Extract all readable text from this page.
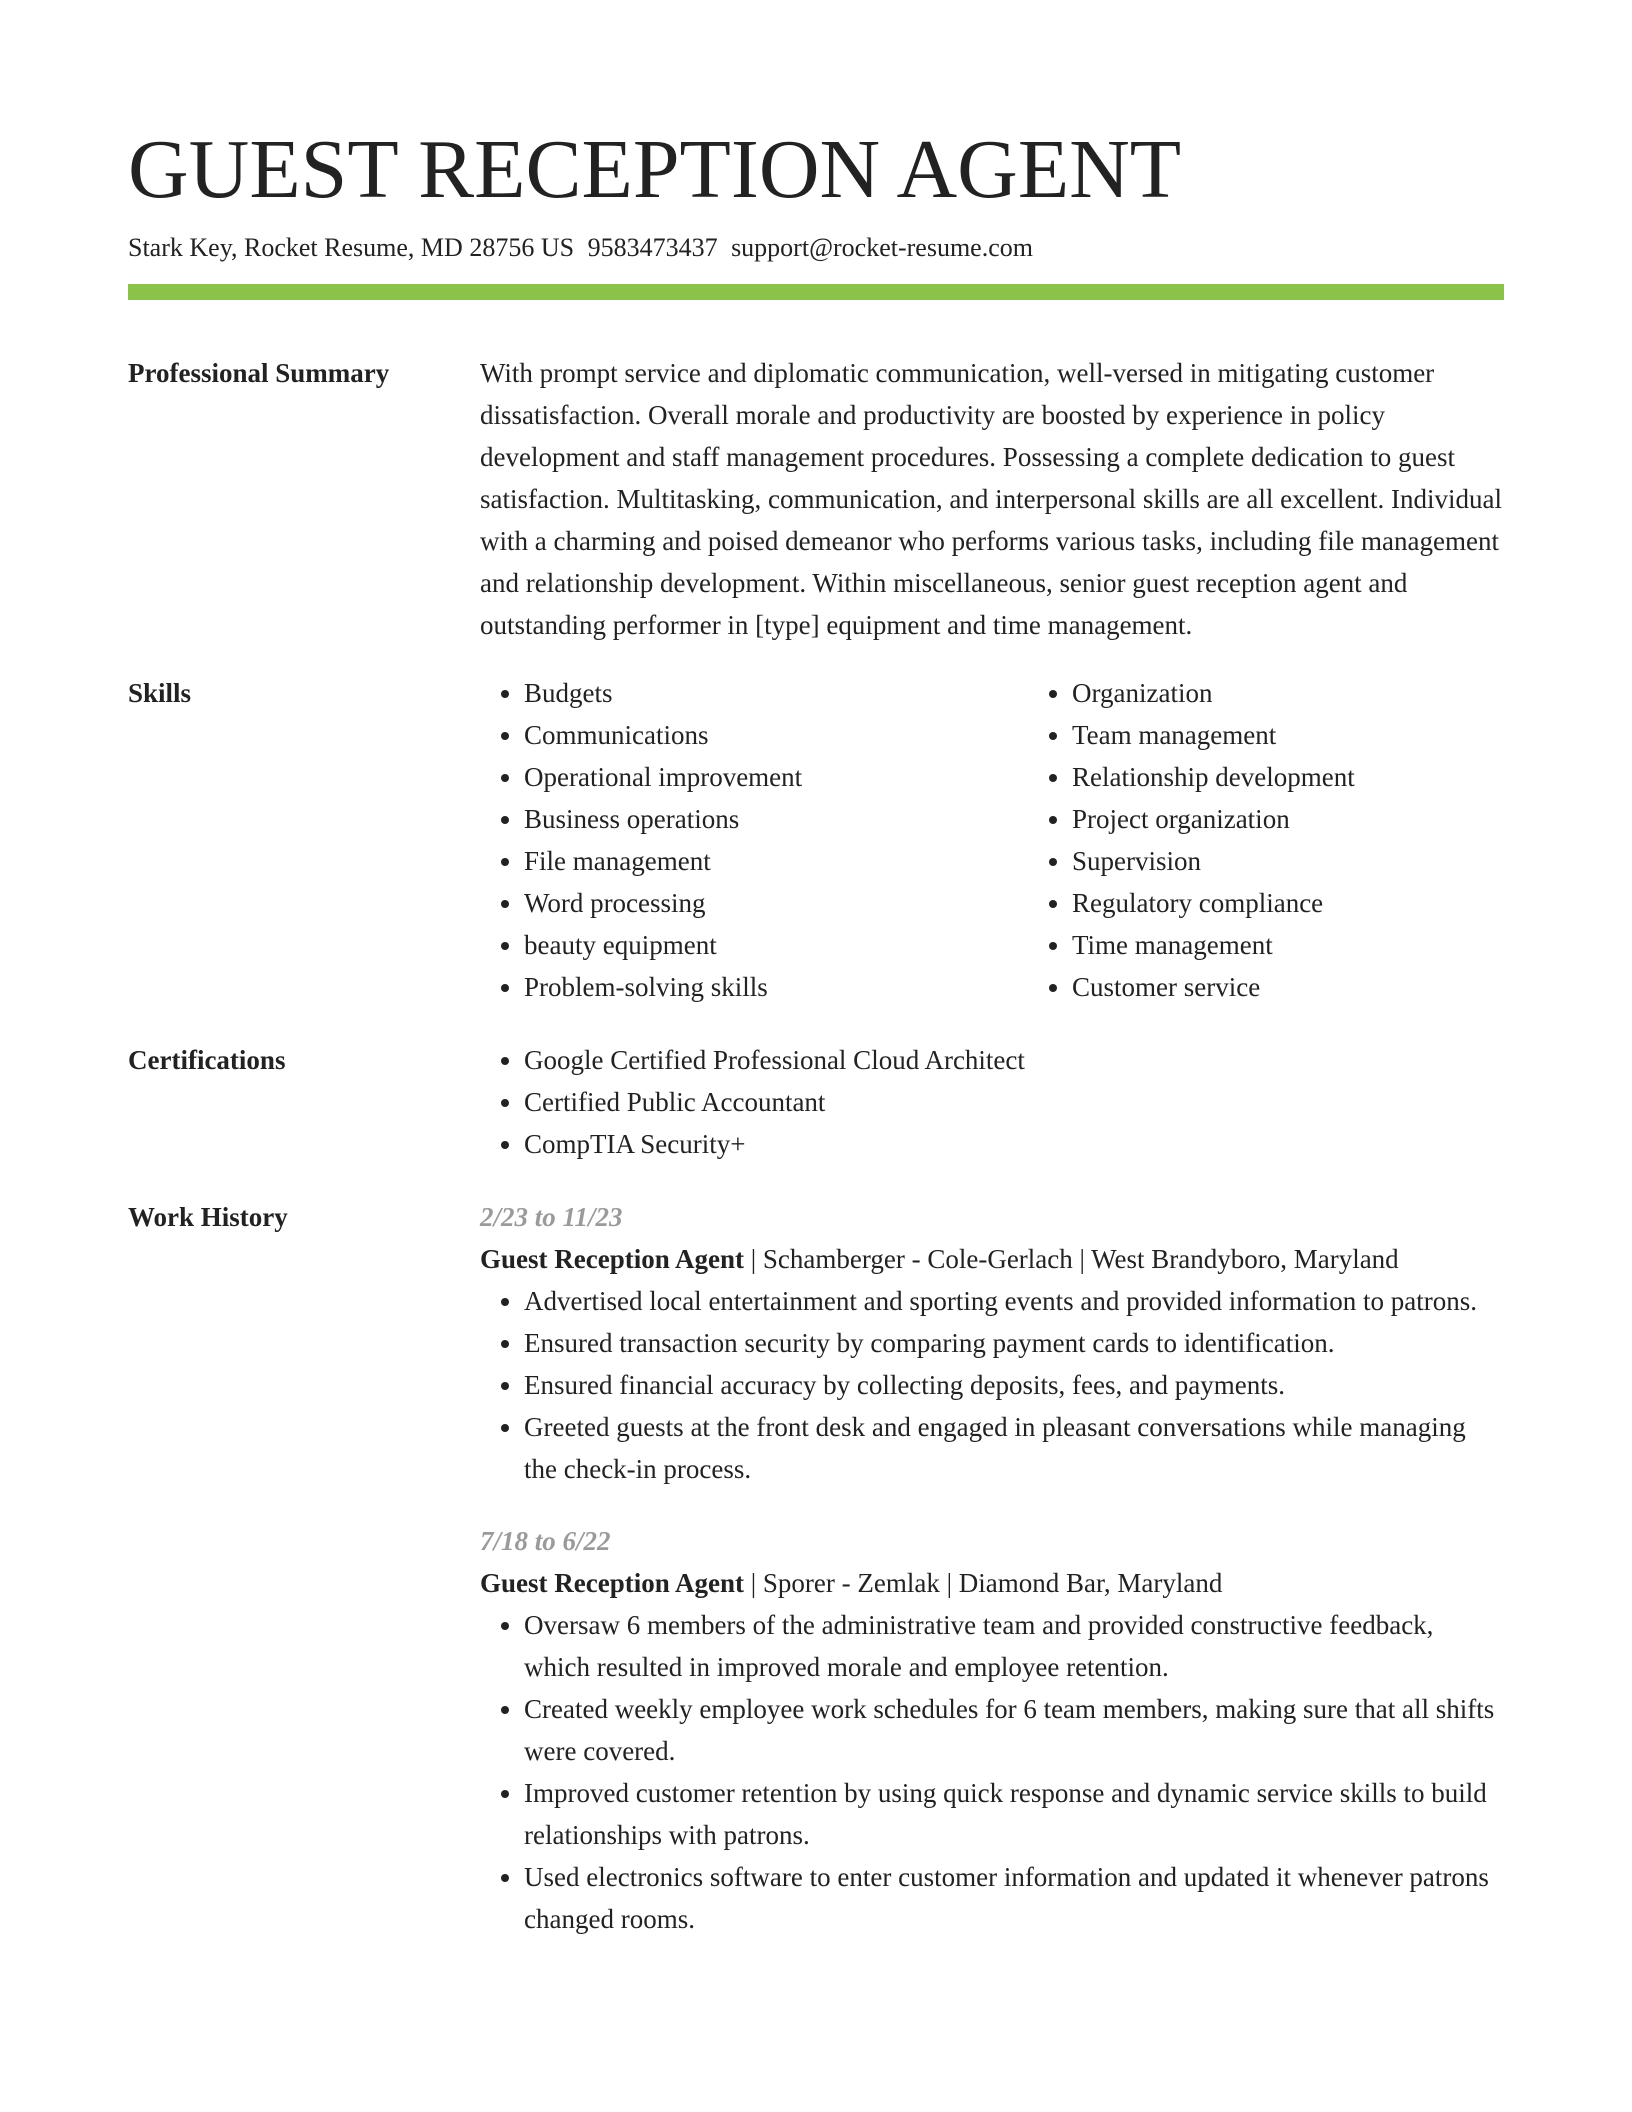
GUEST RECEPTION AGENT
Stark Key, Rocket Resume, MD 28756 US 9583473437 support@rocket-resume.com
Professional Summary	With prompt service and diplomatic communication, well-versed in mitigating customer dissatisfaction. Overall morale and productivity are boosted by experience in policy development and staff management procedures. Possessing a complete dedication to guest satisfaction. Multitasking, communication, and interpersonal skills are all excellent. Individual with a charming and poised demeanor who performs various tasks, including file management and relationship development. Within miscellaneous, senior guest reception agent and outstanding performer in [type] equipment and time management.

Skills	• Budgets
• Communications
• Operational improvement
• Business operations
• File management
• Word processing
• beauty equipment
• Problem-solving skills
• Organization
• Team management
• Relationship development
• Project organization
• Supervision
• Regulatory compliance
• Time management
• Customer service
Certifications	• Google Certified Professional Cloud Architect
• Certified Public Accountant
• CompTIA Security+
Work History	2/23 to 11/23
Guest Reception Agent | Schamberger - Cole-Gerlach | West Brandyboro, Maryland
• Advertised local entertainment and sporting events and provided information to patrons.
• Ensured transaction security by comparing payment cards to identification.
• Ensured financial accuracy by collecting deposits, fees, and payments.
• Greeted guests at the front desk and engaged in pleasant conversations while managing the check-in process.
7/18 to 6/22
Guest Reception Agent | Sporer - Zemlak | Diamond Bar, Maryland
• Oversaw 6 members of the administrative team and provided constructive feedback, which resulted in improved morale and employee retention.
• Created weekly employee work schedules for 6 team members, making sure that all shifts were covered.
• Improved customer retention by using quick response and dynamic service skills to build relationships with patrons.
• Used electronics software to enter customer information and updated it whenever patrons changed rooms.
